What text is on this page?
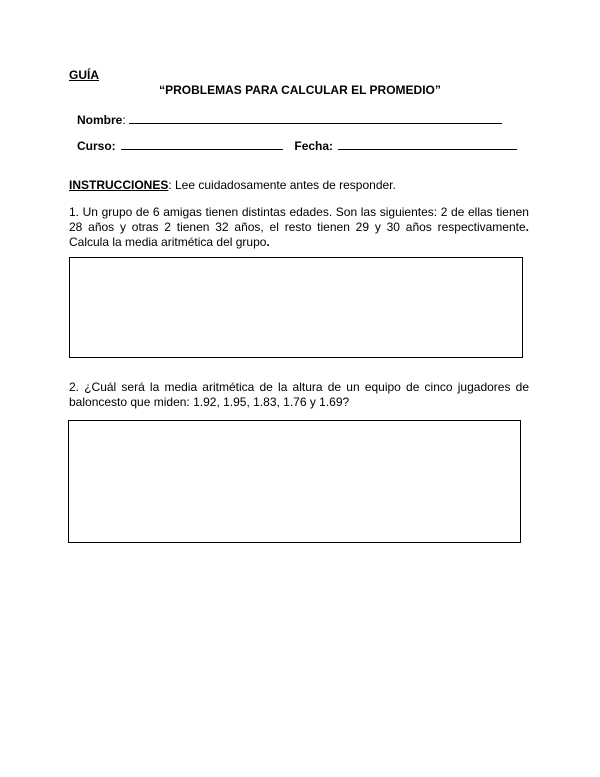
GUÍA
“PROBLEMAS PARA CALCULAR EL PROMEDIO”
Nombre:
Curso:	Fecha:
INSTRUCCIONES: Lee cuidadosamente antes de responder.
1. Un grupo de 6 amigas tienen distintas edades. Son las siguientes: 2 de ellas tienen 28 años y otras 2 tienen 32 años, el resto tienen 29 y 30 años respectivamente. Calcula la media aritmética del grupo.
2. ¿Cuál será la media aritmética de la altura de un equipo de cinco jugadores de baloncesto que miden: 1.92, 1.95, 1.83, 1.76 y 1.69?
